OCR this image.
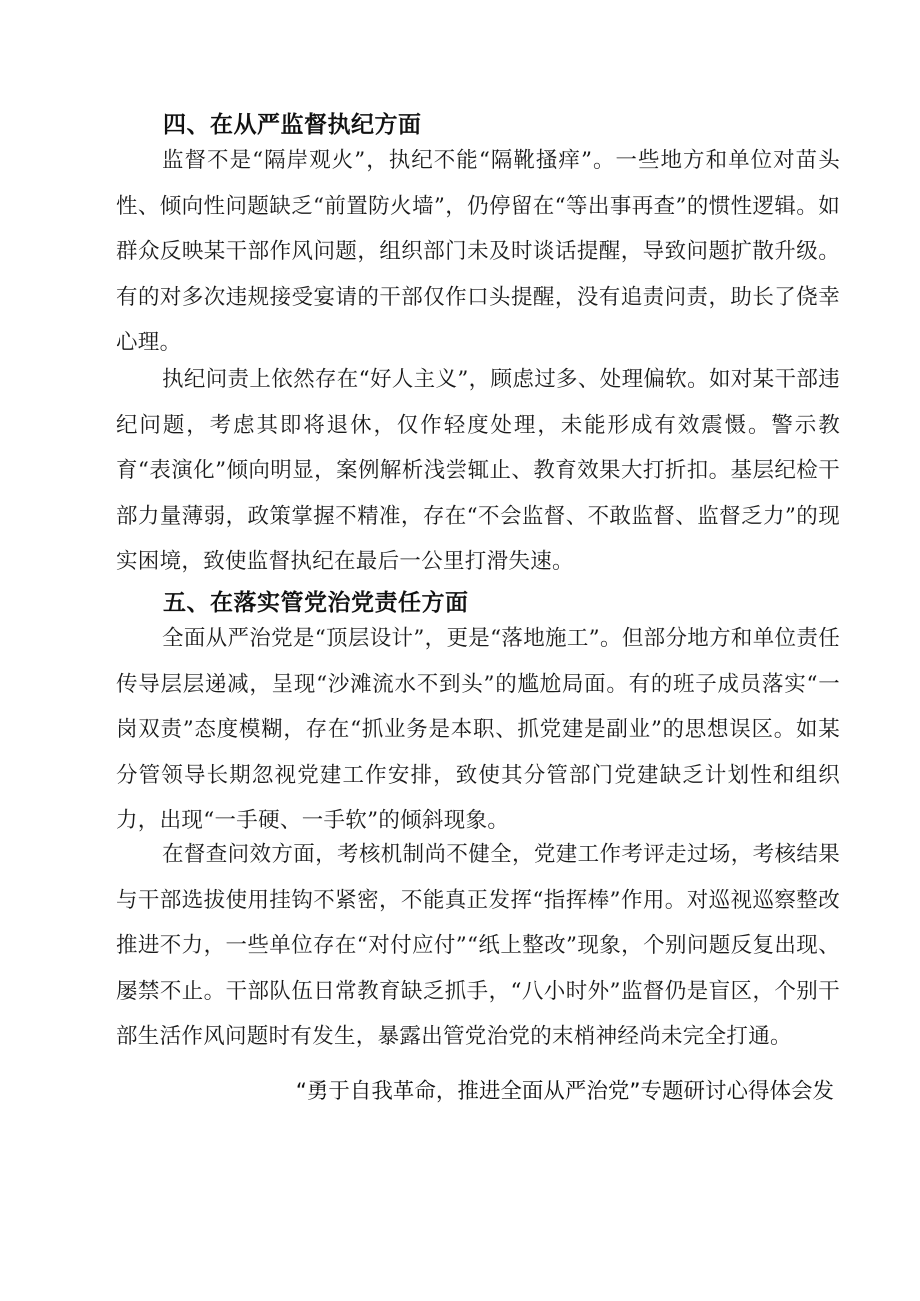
四、在从严监督执纪方面

监督不是“隔岸观火”，执纪不能“隔靴搔痒”。一些地方和单位对苗头性、倾向性问题缺乏“前置防火墙”，仍停留在“等出事再查”的惯性逻辑。如群众反映某干部作风问题，组织部门未及时谈话提醒，导致问题扩散升级。有的对多次违规接受宴请的干部仅作口头提醒，没有追责问责，助长了侥幸心理。

执纪问责上依然存在“好人主义”，顾虑过多、处理偏软。如对某干部违纪问题，考虑其即将退休，仅作轻度处理，未能形成有效震慑。警示教育“表演化”倾向明显，案例解析浅尝辄止、教育效果大打折扣。基层纪检干部力量薄弱，政策掌握不精准，存在“不会监督、不敢监督、监督乏力”的现实困境，致使监督执纪在最后一公里打滑失速。

五、在落实管党治党责任方面

全面从严治党是“顶层设计”，更是“落地施工”。但部分地方和单位责任传导层层递减，呈现“沙滩流水不到头”的尴尬局面。有的班子成员落实“一岗双责”态度模糊，存在“抓业务是本职、抓党建是副业”的思想误区。如某分管领导长期忽视党建工作安排，致使其分管部门党建缺乏计划性和组织力，出现“一手硬、一手软”的倾斜现象。

在督查问效方面，考核机制尚不健全，党建工作考评走过场，考核结果与干部选拔使用挂钩不紧密，不能真正发挥“指挥棒”作用。对巡视巡察整改推进不力，一些单位存在“对付应付”“纸上整改”现象，个别问题反复出现、屡禁不止。干部队伍日常教育缺乏抓手，“八小时外”监督仍是盲区，个别干部生活作风问题时有发生，暴露出管党治党的末梢神经尚未完全打通。

“勇于自我革命，推进全面从严治党”专题研讨心得体会发
